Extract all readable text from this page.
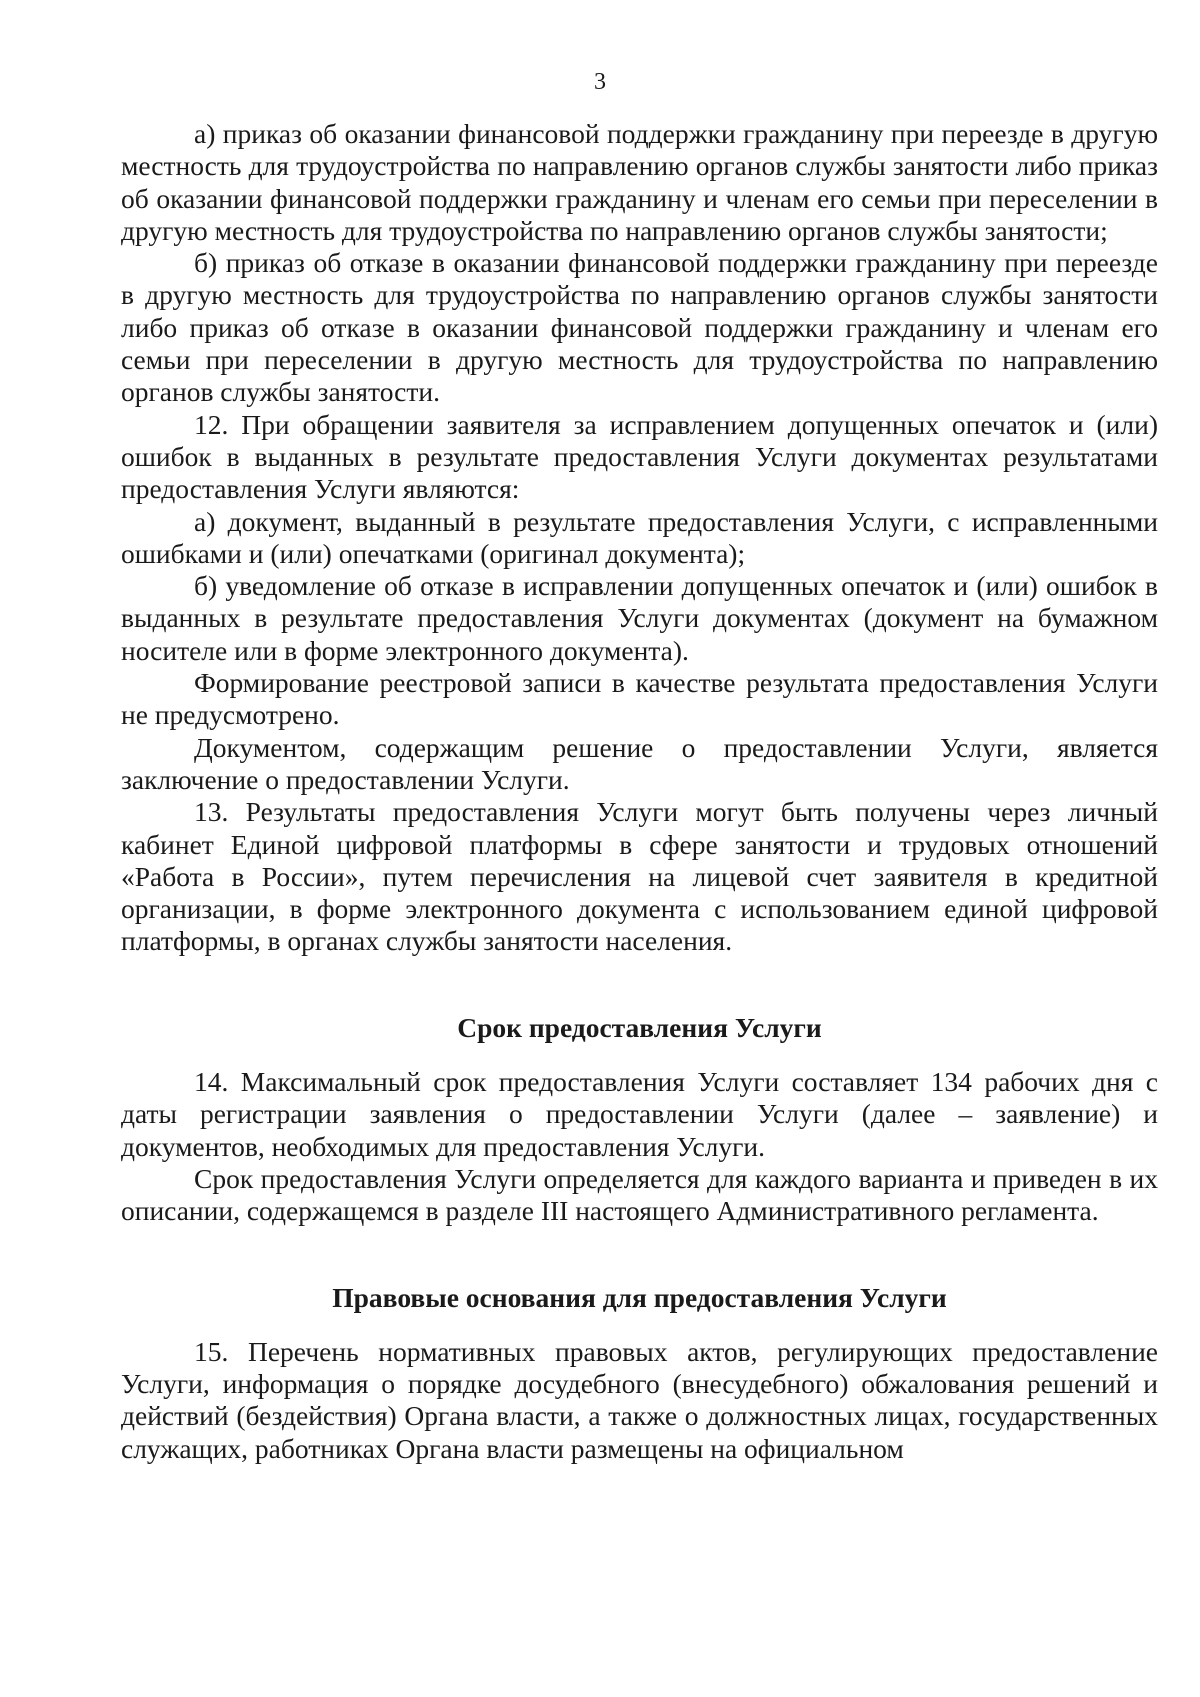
3

а) приказ об оказании финансовой поддержки гражданину при переезде в другую местность для трудоустройства по направлению органов службы занятости либо приказ об оказании финансовой поддержки гражданину и членам его семьи при переселении в другую местность для трудоустройства по направлению органов службы занятости;

б) приказ об отказе в оказании финансовой поддержки гражданину при переезде в другую местность для трудоустройства по направлению органов службы занятости либо приказ об отказе в оказании финансовой поддержки гражданину и членам его семьи при переселении в другую местность для трудоустройства по направлению органов службы занятости.

12. При обращении заявителя за исправлением допущенных опечаток и (или) ошибок в выданных в результате предоставления Услуги документах результатами предоставления Услуги являются:

а) документ, выданный в результате предоставления Услуги, с исправленными ошибками и (или) опечатками (оригинал документа);

б) уведомление об отказе в исправлении допущенных опечаток и (или) ошибок в выданных в результате предоставления Услуги документах (документ на бумажном носителе или в форме электронного документа).

Формирование реестровой записи в качестве результата предоставления Услуги не предусмотрено.

Документом, содержащим решение о предоставлении Услуги, является заключение о предоставлении Услуги.

13. Результаты предоставления Услуги могут быть получены через личный кабинет Единой цифровой платформы в сфере занятости и трудовых отношений «Работа в России», путем перечисления на лицевой счет заявителя в кредитной организации, в форме электронного документа с использованием единой цифровой платформы, в органах службы занятости населения.

Срок предоставления Услуги

14. Максимальный срок предоставления Услуги составляет 134 рабочих дня с даты регистрации заявления о предоставлении Услуги (далее – заявление) и документов, необходимых для предоставления Услуги.

Срок предоставления Услуги определяется для каждого варианта и приведен в их описании, содержащемся в разделе III настоящего Административного регламента.

Правовые основания для предоставления Услуги

15. Перечень нормативных правовых актов, регулирующих предоставление Услуги, информация о порядке досудебного (внесудебного) обжалования решений и действий (бездействия) Органа власти, а также о должностных лицах, государственных служащих, работниках Органа власти размещены на официальном
